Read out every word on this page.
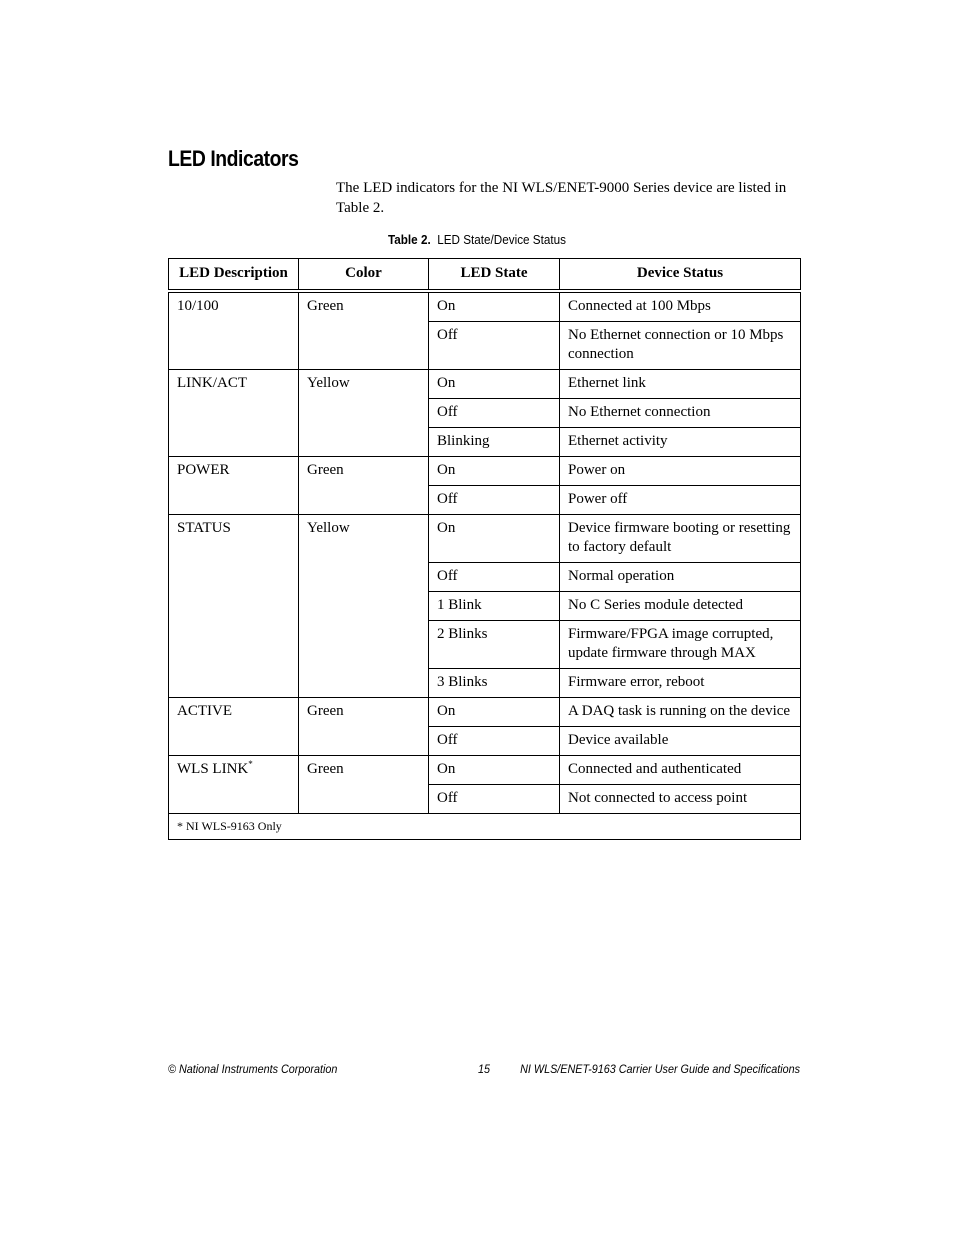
LED Indicators

The LED indicators for the NI WLS/ENET-9000 Series device are listed in Table 2.

Table 2. LED State/Device Status
LED Description	Color	LED State	Device Status
10/100	Green	On	Connected at 100 Mbps
		Off	No Ethernet connection or 10 Mbps connection
LINK/ACT	Yellow	On	Ethernet link
		Off	No Ethernet connection
		Blinking	Ethernet activity
POWER	Green	On	Power on
		Off	Power off
STATUS	Yellow	On	Device firmware booting or resetting to factory default
		Off	Normal operation
		1 Blink	No C Series module detected
		2 Blinks	Firmware/FPGA image corrupted, update firmware through MAX
		3 Blinks	Firmware error, reboot
ACTIVE	Green	On	A DAQ task is running on the device
		Off	Device available
WLS LINK*	Green	On	Connected and authenticated
		Off	Not connected to access point
* NI WLS-9163 Only			
© National Instruments Corporation	15	NI WLS/ENET-9163 Carrier User Guide and Specifications
